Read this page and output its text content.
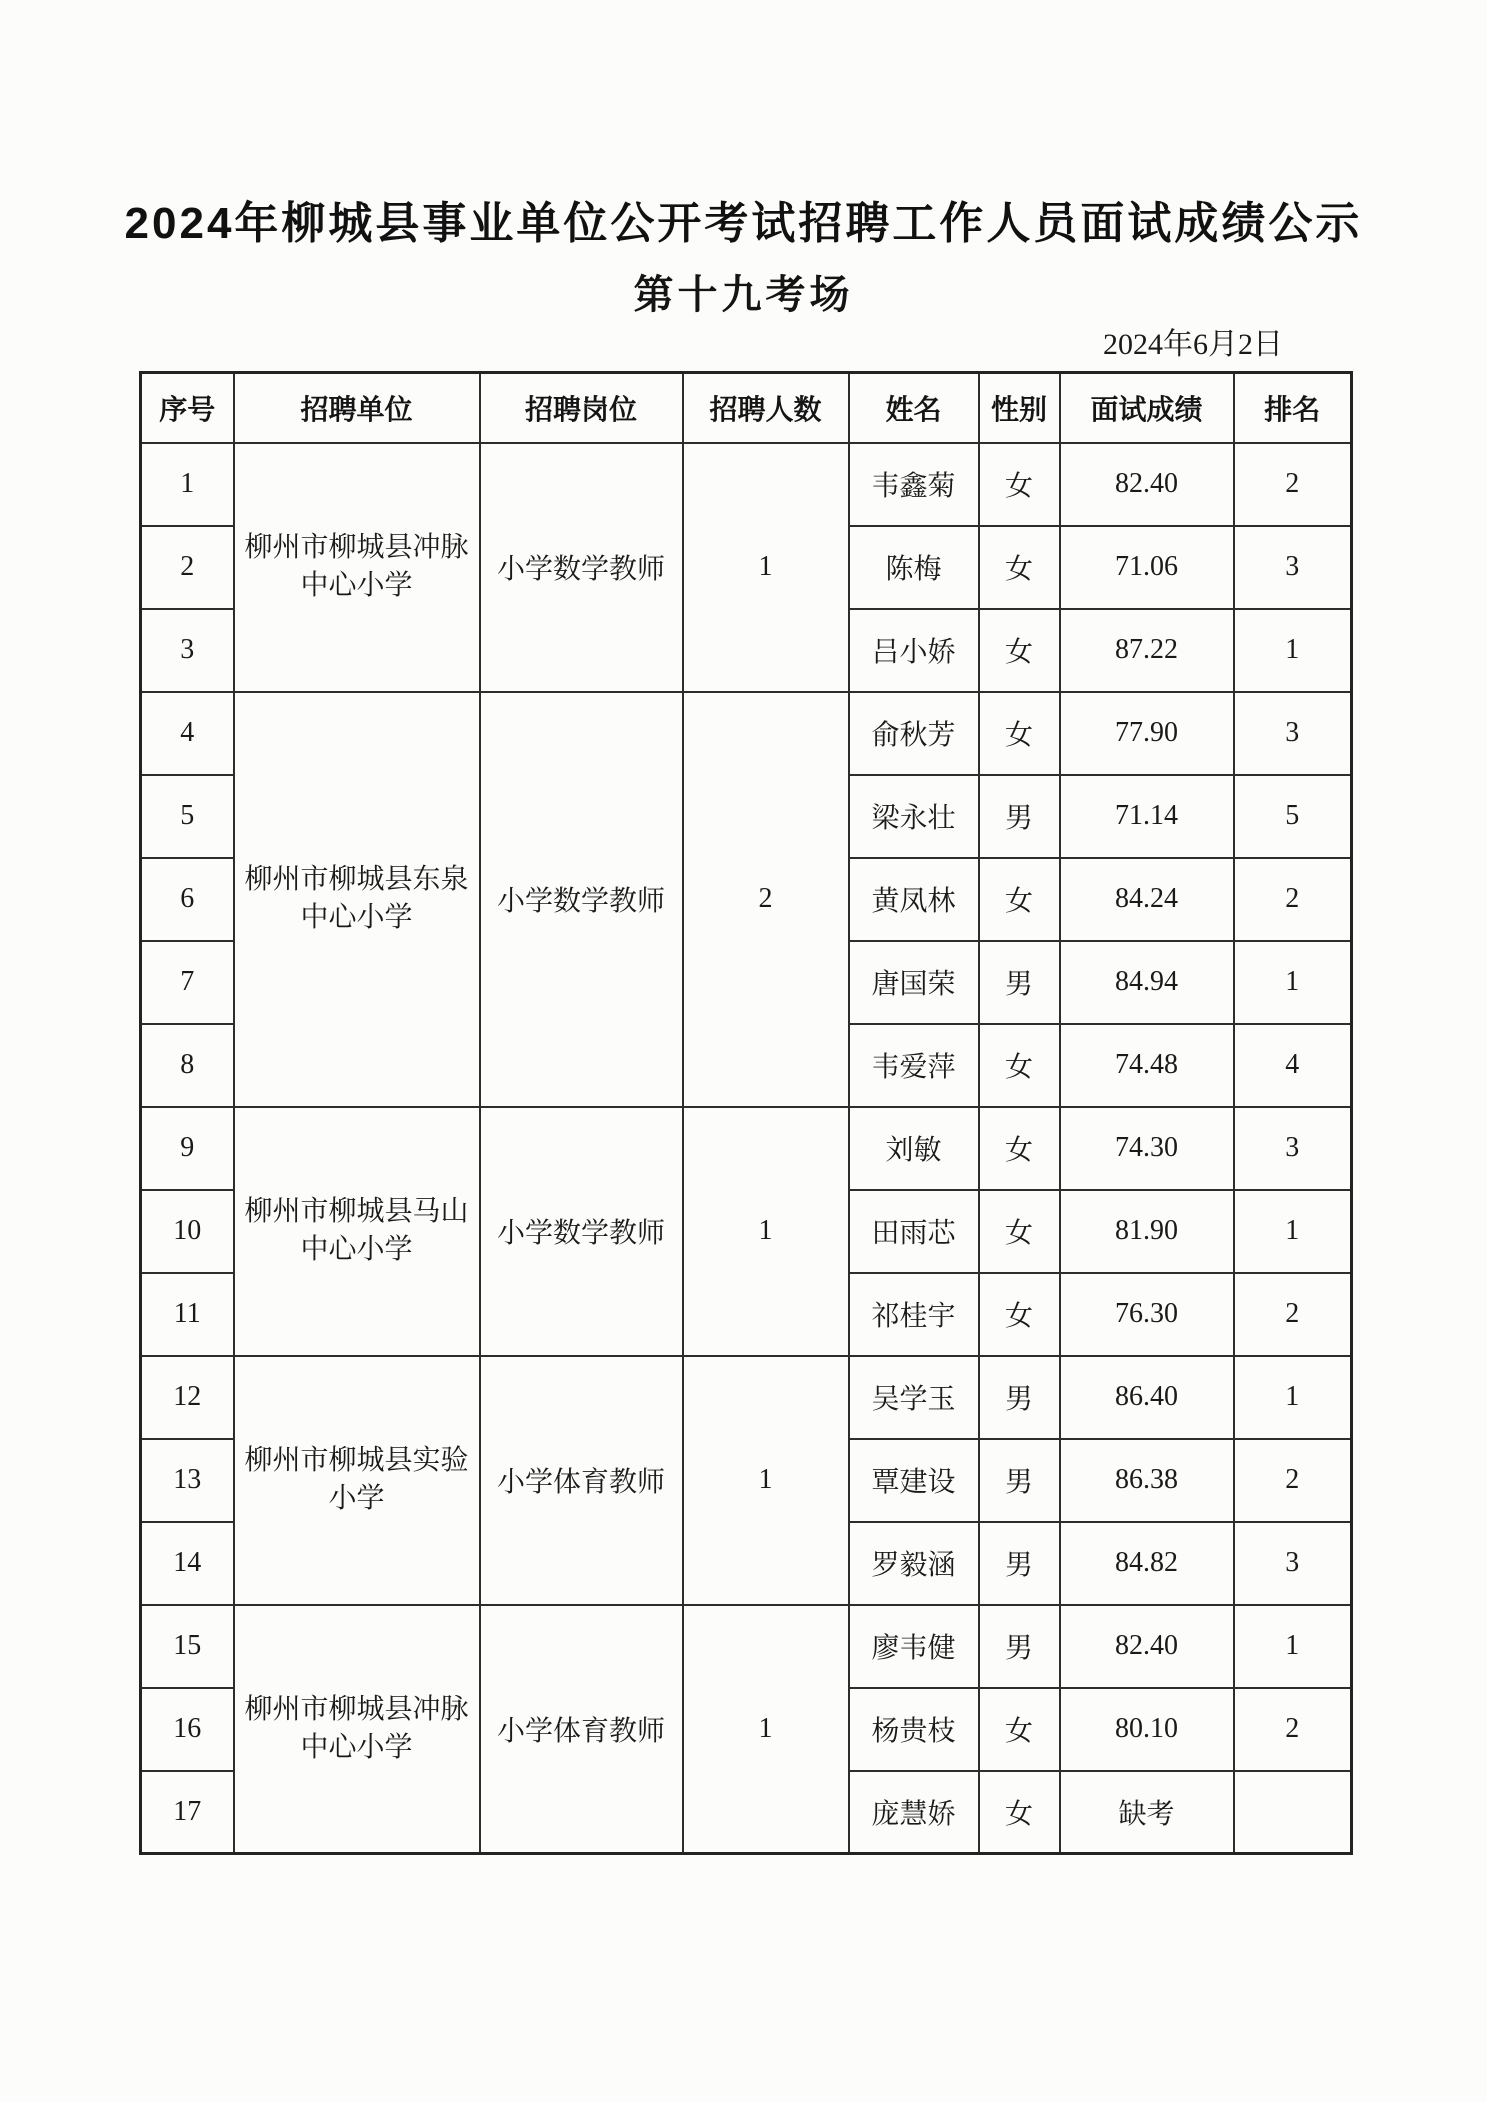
2024年柳城县事业单位公开考试招聘工作人员面试成绩公示
第十九考场
2024年6月2日
序号	招聘单位	招聘岗位	招聘人数	姓名	性别	面试成绩	排名
1	柳州市柳城县冲脉中心小学	小学数学教师	1	韦鑫菊	女	82.40	2
2				陈梅	女	71.06	3
3				吕小娇	女	87.22	1
4	柳州市柳城县东泉中心小学	小学数学教师	2	俞秋芳	女	77.90	3
5				梁永壮	男	71.14	5
6				黄凤林	女	84.24	2
7				唐国荣	男	84.94	1
8				韦爱萍	女	74.48	4
9	柳州市柳城县马山中心小学	小学数学教师	1	刘敏	女	74.30	3
10				田雨芯	女	81.90	1
11				祁桂宇	女	76.30	2
12	柳州市柳城县实验小学	小学体育教师	1	吴学玉	男	86.40	1
13				覃建设	男	86.38	2
14				罗毅涵	男	84.82	3
15	柳州市柳城县冲脉中心小学	小学体育教师	1	廖韦健	男	82.40	1
16				杨贵枝	女	80.10	2
17				庞慧娇	女	缺考	
